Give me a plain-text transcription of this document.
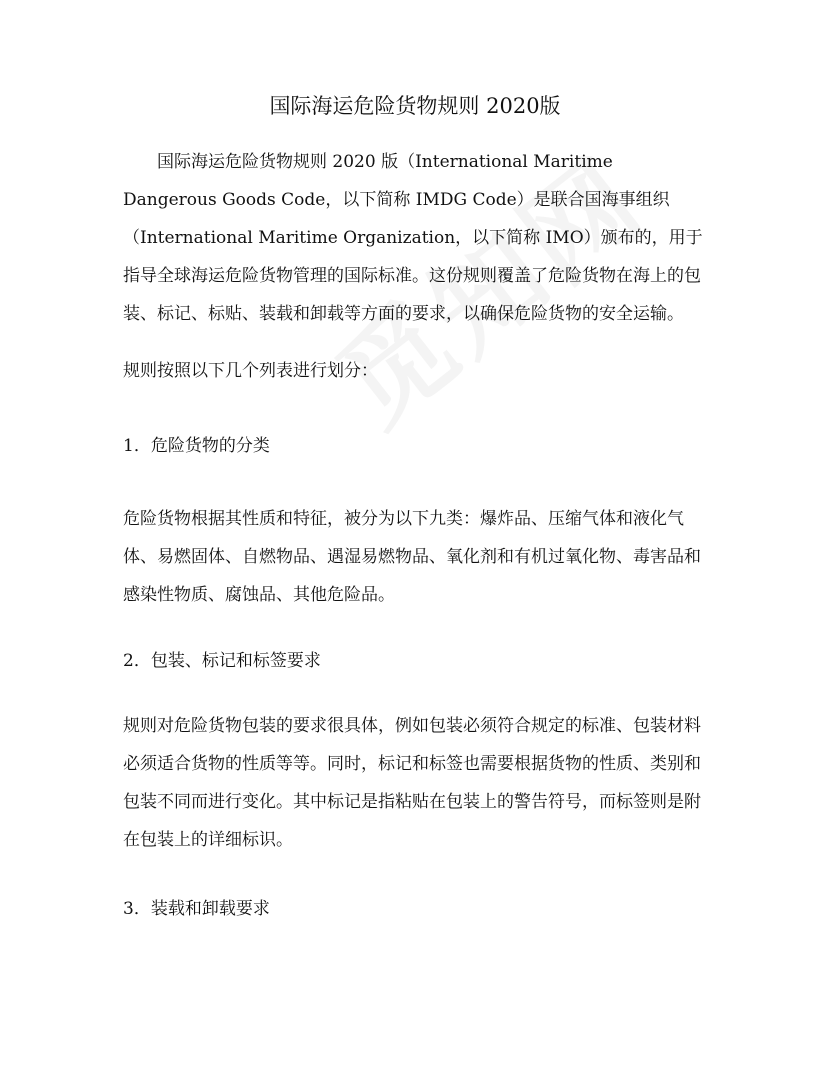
国际海运危险货物规则 2020版

国际海运危险货物规则 2020 版（International Maritime Dangerous Goods Code，以下简称 IMDG Code）是联合国海事组织（International Maritime Organization，以下简称 IMO）颁布的，用于指导全球海运危险货物管理的国际标准。这份规则覆盖了危险货物在海上的包装、标记、标贴、装载和卸载等方面的要求，以确保危险货物的安全运输。

规则按照以下几个列表进行划分：

1．危险货物的分类

危险货物根据其性质和特征，被分为以下九类：爆炸品、压缩气体和液化气体、易燃固体、自燃物品、遇湿易燃物品、氧化剂和有机过氧化物、毒害品和感染性物质、腐蚀品、其他危险品。

2．包装、标记和标签要求

规则对危险货物包装的要求很具体，例如包装必须符合规定的标准、包装材料必须适合货物的性质等等。同时，标记和标签也需要根据货物的性质、类别和包装不同而进行变化。其中标记是指粘贴在包装上的警告符号，而标签则是附在包装上的详细标识。

3．装载和卸载要求
